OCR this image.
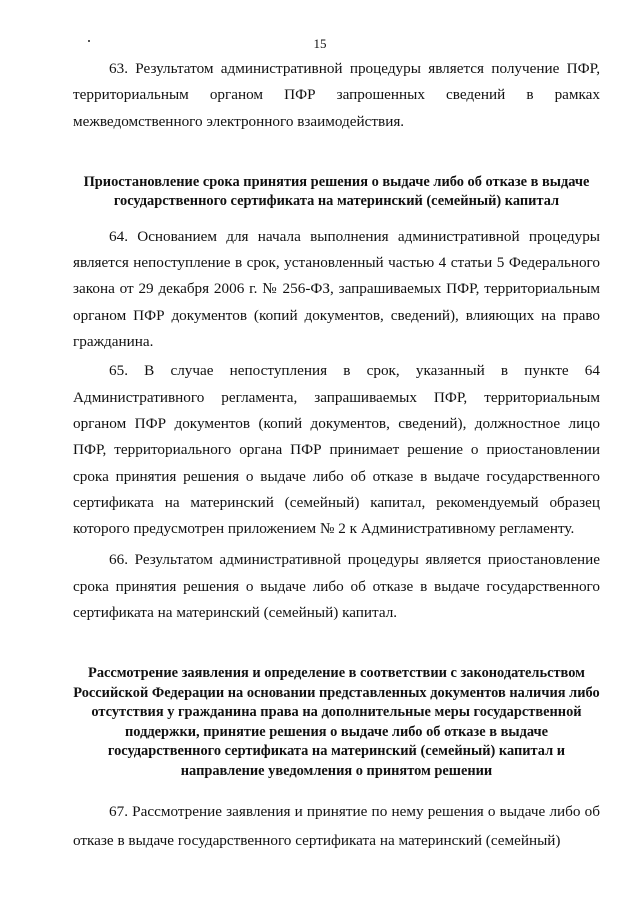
15

63. Результатом административной процедуры является получение ПФР, территориальным органом ПФР запрошенных сведений в рамках межведомственного электронного взаимодействия.

Приостановление срока принятия решения о выдаче либо об отказе в выдаче государственного сертификата на материнский (семейный) капитал

64. Основанием для начала выполнения административной процедуры является непоступление в срок, установленный частью 4 статьи 5 Федерального закона от 29 декабря 2006 г. № 256-ФЗ, запрашиваемых ПФР, территориальным органом ПФР документов (копий документов, сведений), влияющих на право гражданина.

65. В случае непоступления в срок, указанный в пункте 64 Административного регламента, запрашиваемых ПФР, территориальным органом ПФР документов (копий документов, сведений), должностное лицо ПФР, территориального органа ПФР принимает решение о приостановлении срока принятия решения о выдаче либо об отказе в выдаче государственного сертификата на материнский (семейный) капитал, рекомендуемый образец которого предусмотрен приложением № 2 к Административному регламенту.

66. Результатом административной процедуры является приостановление срока принятия решения о выдаче либо об отказе в выдаче государственного сертификата на материнский (семейный) капитал.

Рассмотрение заявления и определение в соответствии с законодательством Российской Федерации на основании представленных документов наличия либо отсутствия у гражданина права на дополнительные меры государственной поддержки, принятие решения о выдаче либо об отказе в выдаче государственного сертификата на материнский (семейный) капитал и направление уведомления о принятом решении

67. Рассмотрение заявления и принятие по нему решения о выдаче либо об отказе в выдаче государственного сертификата на материнский (семейный)
